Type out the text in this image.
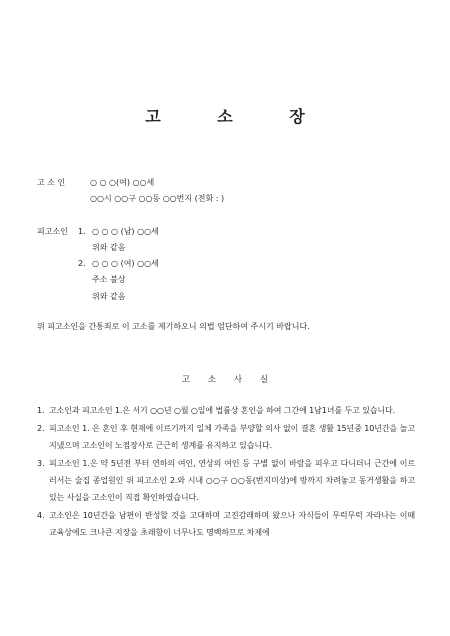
고	소	장
고 소 인	○ ○ ○(여) ○○세
○○시 ○○구 ○○동 ○○번지 (전화 : )
피고소인 1. ○ ○ ○ (남) ○○세
위와 같음
2. ○ ○ ○ (여) ○○세
주소 불상
위와 같음
위 피고소인을 간통죄로 이 고소를 제기하오니 의법 엄단하여 주시기 바랍니다.
고	소	사	실
1. 고소인과 피고소인 1.은 서기 ○○년 ○월 ○일에 법률상 혼인을 하여 그간에 1남1녀를 두고 있습니다.
2. 피고소인 1. 은 혼인 후 현재에 이르기까지 일체 가족을 부양할 의사 없이 결혼 생활 15년중 10년간을 놀고 지냈으며 고소인이 노점장사로 근근히 생계를 유지하고 있습니다.
3. 피고소인 1.은 약 5년전 부터 연하의 여인, 연상의 여인 등 구별 없이 바람을 피우고 다니더니 근간에 이르러서는 술집 종업원인 위 피고소인 2.와 시내 ○○구 ○○동(번지미상)에 방까지 차려놓고 동거생활을 하고 있는 사실을 고소인이 직접 확인하였습니다.
4. 고소인은 10년간을 남편이 반성할 것을 고대하며 고진감래하며 왔으나 자식들이 무럭무럭 자라나는 이때 교육상에도 크나큰 지장을 초래함이 너무나도 명백하므로 차제에
